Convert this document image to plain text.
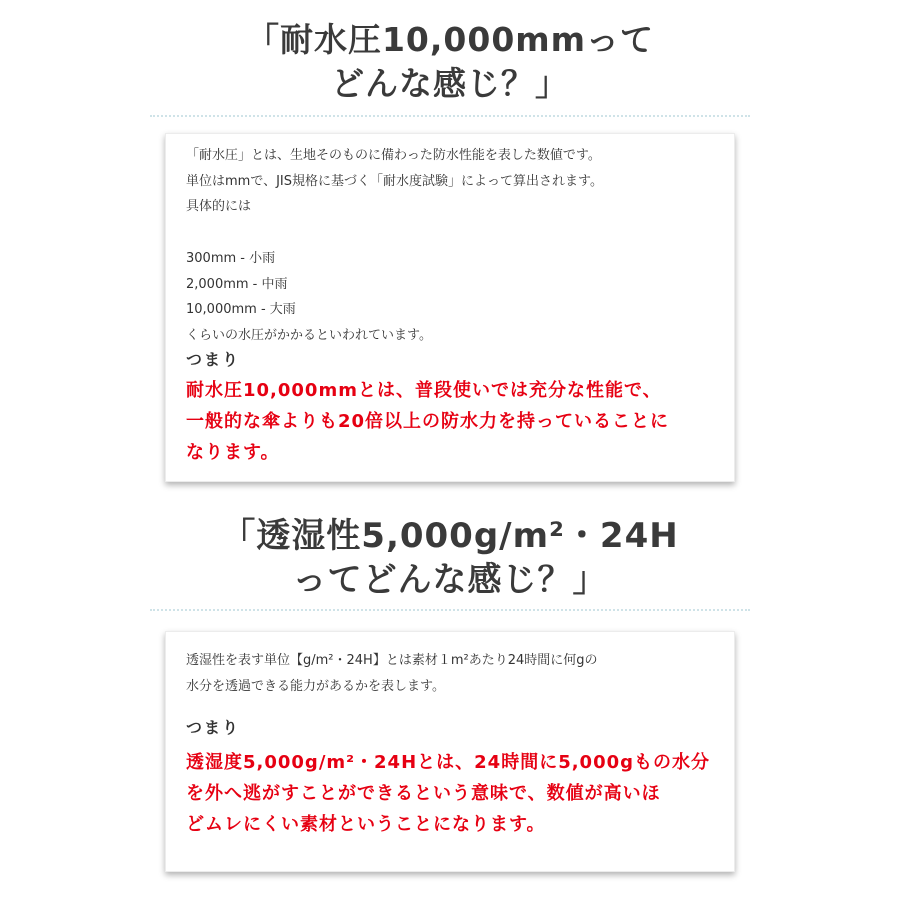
「耐水圧10,000mmって
どんな感じ？」
「耐水圧」とは、生地そのものに備わった防水性能を表した数値です。
単位はmmで、JIS規格に基づく「耐水度試験」によって算出されます。
具体的には
300mm - 小雨
2,000mm - 中雨
10,000mm - 大雨
くらいの水圧がかかるといわれています。
つまり
耐水圧10,000mmとは、普段使いでは充分な性能で、
一般的な傘よりも20倍以上の防水力を持っていることに
なります。
「透湿性5,000g/m²・24H
ってどんな感じ？」
透湿性を表す単位【g/m²・24H】とは素材１m²あたり24時間に何gの
水分を透過できる能力があるかを表します。
つまり
透湿度5,000g/m²・24Hとは、24時間に5,000gもの水分
を外へ逃がすことができるという意味で、数値が高いほ
どムレにくい素材ということになります。
